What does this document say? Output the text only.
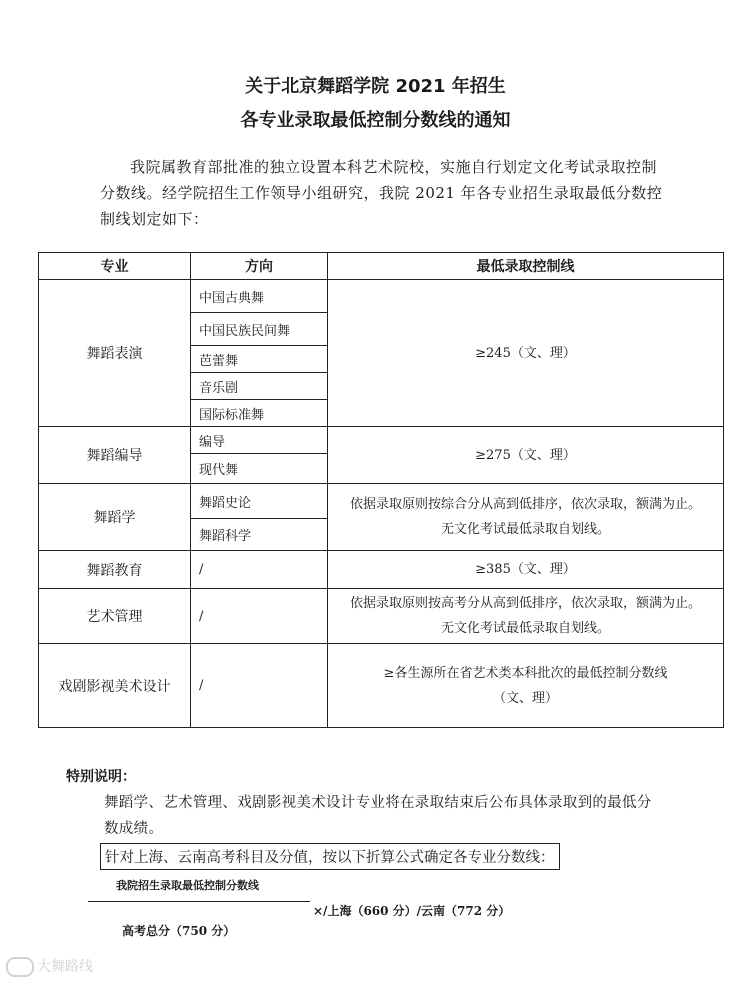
关于北京舞蹈学院 2021 年招生
各专业录取最低控制分数线的通知
我院属教育部批准的独立设置本科艺术院校，实施自行划定文化考试录取控制分数线。经学院招生工作领导小组研究，我院 2021 年各专业招生录取最低分数控制线划定如下：
专业	方向	最低录取控制线
舞蹈表演	中国古典舞	≥245（文、理）
	中国民族民间舞	
	芭蕾舞	
	音乐剧	
	国际标准舞	
舞蹈编导	编导	≥275（文、理）
	现代舞	
舞蹈学	舞蹈史论	依据录取原则按综合分从高到低排序，依次录取，额满为止。
无文化考试最低录取自划线。

	舞蹈科学	
舞蹈教育	/	≥385（文、理）
艺术管理	/	依据录取原则按高考分从高到低排序，依次录取，额满为止。
无文化考试最低录取自划线。

戏剧影视美术设计	/	≥各生源所在省艺术类本科批次的最低控制分数线
（文、理）
特别说明：
舞蹈学、艺术管理、戏剧影视美术设计专业将在录取结束后公布具体录取到的最低分数成绩。
针对上海、云南高考科目及分值，按以下折算公式确定各专业分数线：
我院招生录取最低控制分数线
×/上海（660 分）/云南（772 分）
高考总分（750 分）
大舞路线
